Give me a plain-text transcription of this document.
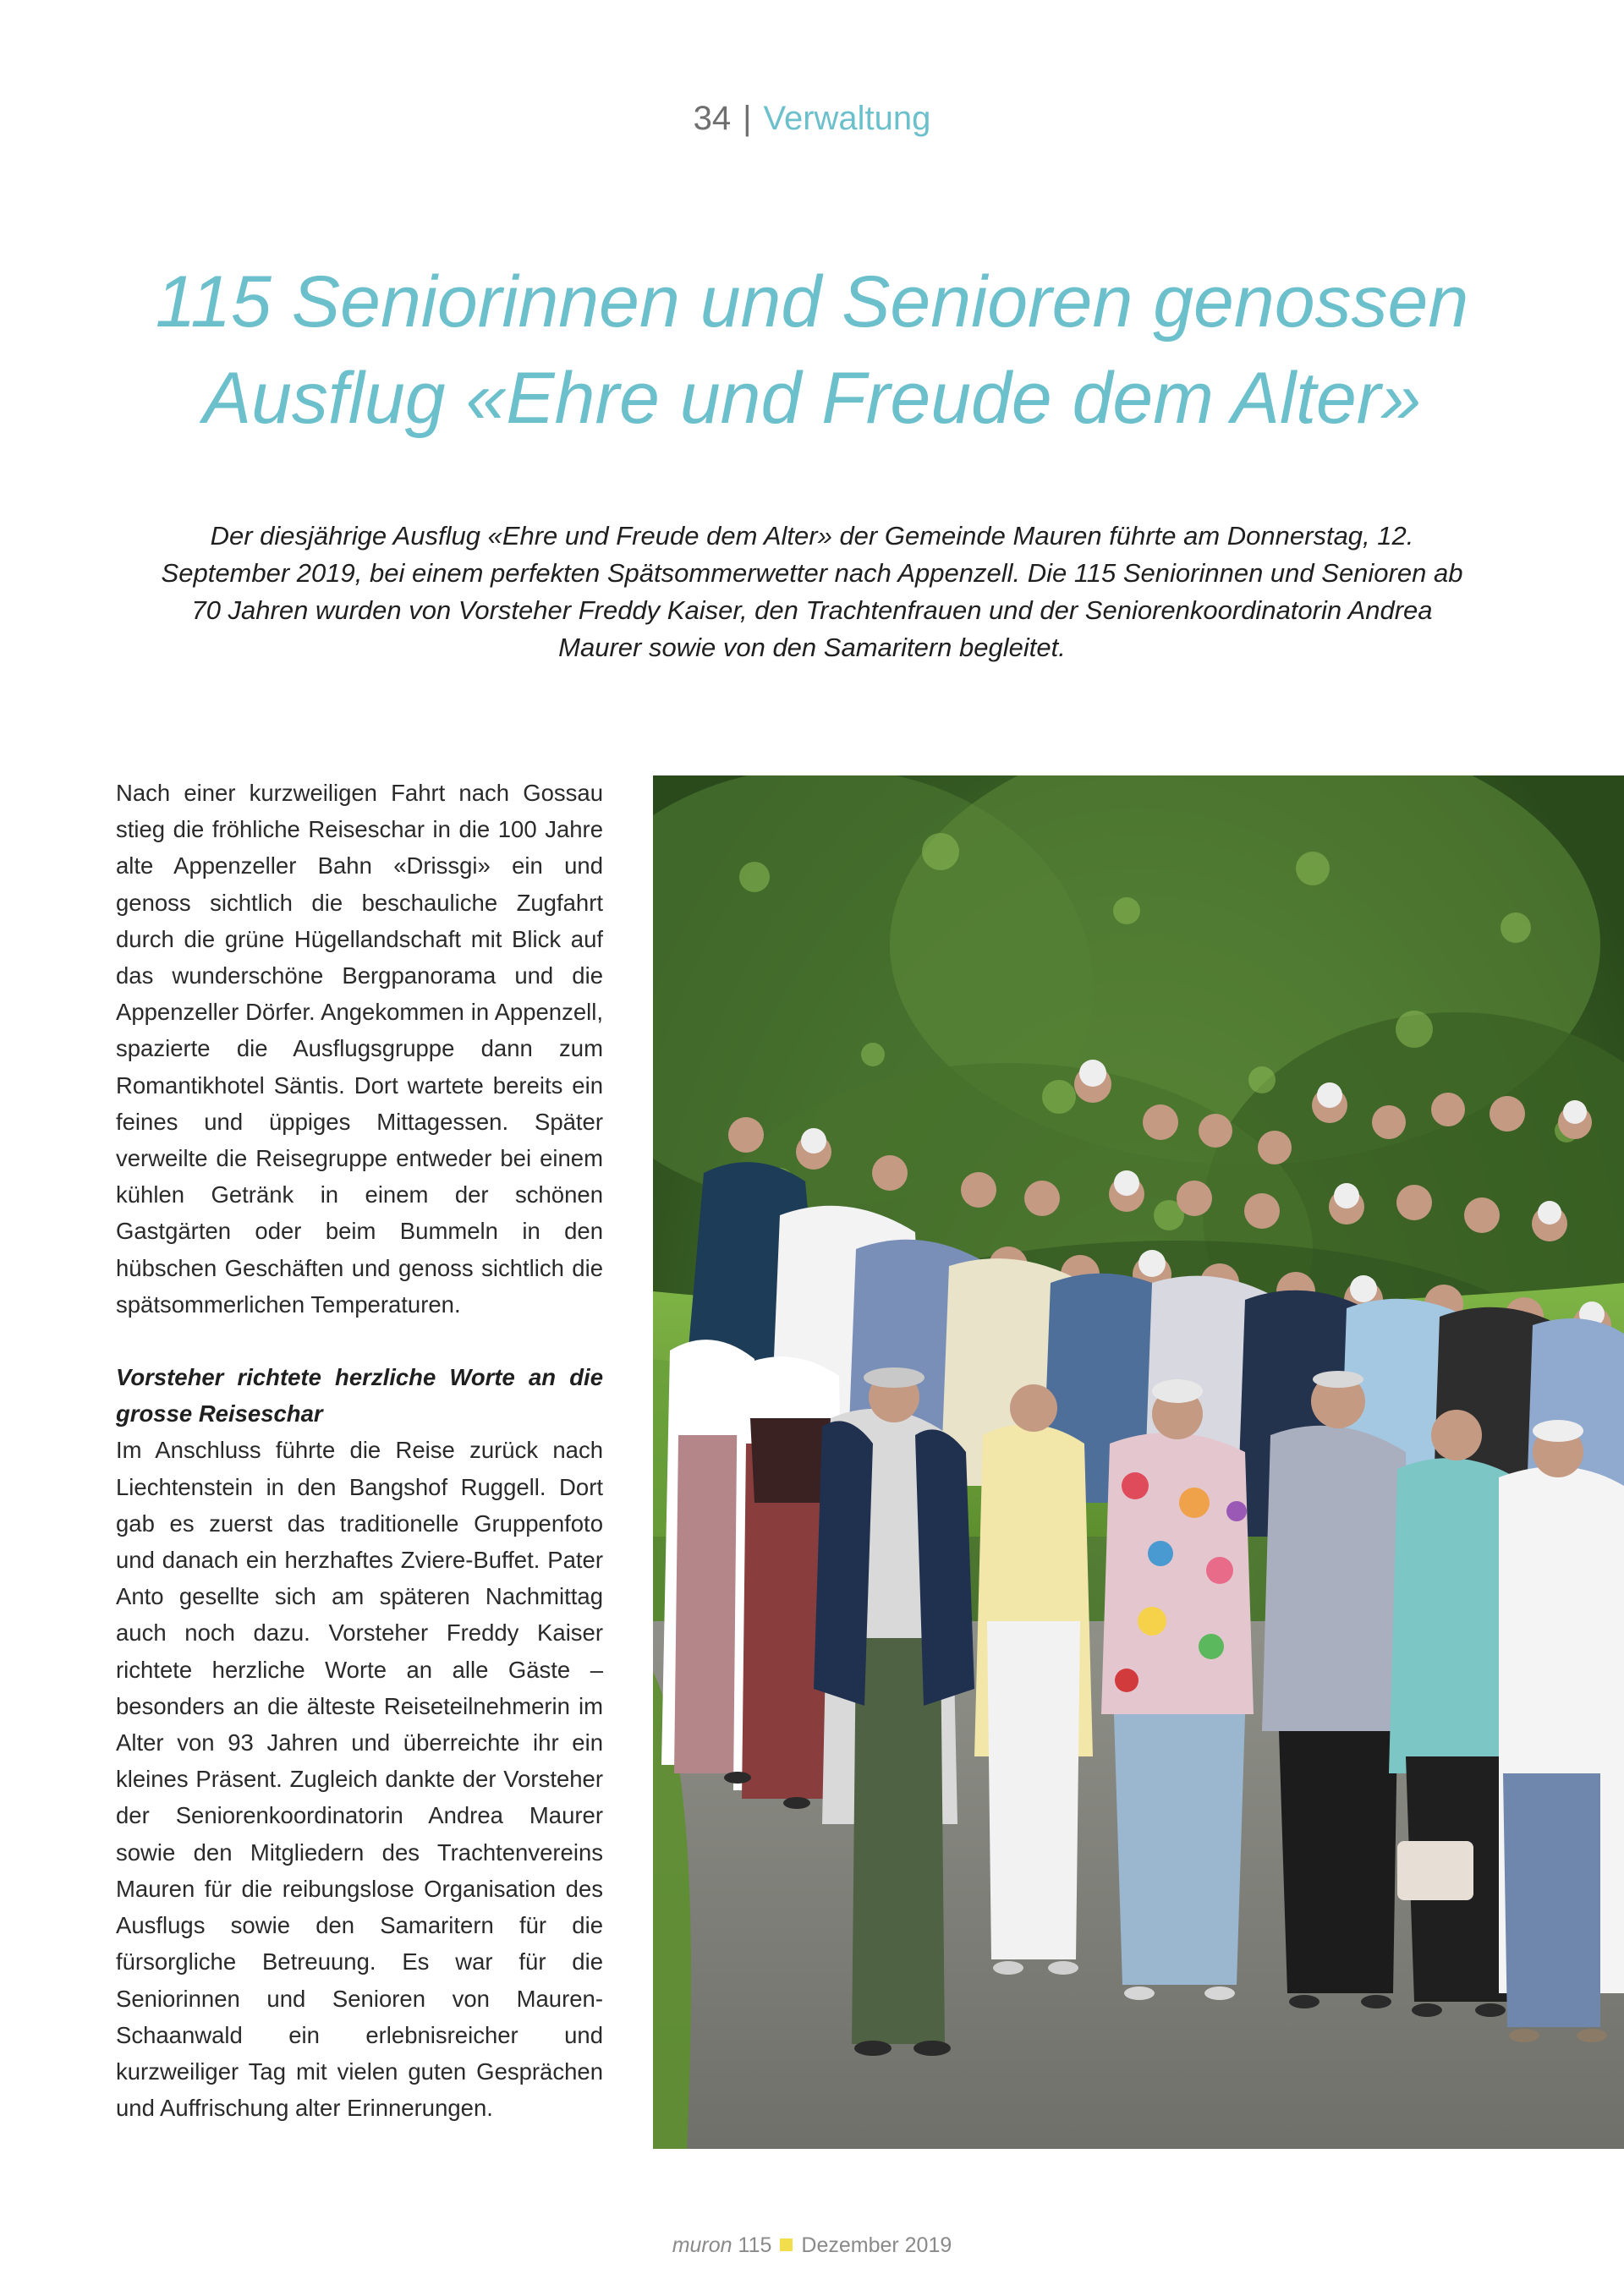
34 | Verwaltung
115 Seniorinnen und Senioren genossen
Ausflug «Ehre und Freude dem Alter»

Der diesjährige Ausflug «Ehre und Freude dem Alter» der Gemeinde Mauren führte am Donnerstag, 12. September 2019, bei einem perfekten Spätsommerwetter nach Appenzell. Die 115 Seniorinnen und Senioren ab 70 Jahren wurden von Vorsteher Freddy Kaiser, den Trachtenfrauen und der Seniorenkoordinatorin Andrea Maurer sowie von den Samaritern begleitet.

Nach einer kurzweiligen Fahrt nach Gossau stieg die fröhliche Reiseschar in die 100 Jahre alte Appenzeller Bahn «Drissgi» ein und genoss sichtlich die beschauliche Zugfahrt durch die grüne Hügellandschaft mit Blick auf das wunderschöne Bergpanorama und die Appenzeller Dörfer. Angekommen in Appenzell, spazierte die Ausflugsgruppe dann zum Romantikhotel Säntis. Dort wartete bereits ein feines und üppiges Mittagessen. Später verweilte die Reisegruppe entweder bei einem kühlen Getränk in einem der schönen Gastgärten oder beim Bummeln in den hübschen Geschäften und genoss sichtlich die spätsommerlichen Temperaturen.

Vorsteher richtete herzliche Worte an die grosse Reiseschar

Im Anschluss führte die Reise zurück nach Liechtenstein in den Bangshof Ruggell. Dort gab es zuerst das traditionelle Gruppenfoto und danach ein herzhaftes Zviere-Buffet. Pater Anto gesellte sich am späteren Nachmittag auch noch dazu. Vorsteher Freddy Kaiser richtete herzliche Worte an alle Gäste – besonders an die älteste Reiseteilnehmerin im Alter von 93 Jahren und überreichte ihr ein kleines Präsent. Zugleich dankte der Vorsteher der Seniorenkoordinatorin Andrea Maurer sowie den Mitgliedern des Trachtenvereins Mauren für die reibungslose Organisation des Ausflugs sowie den Samaritern für die fürsorgliche Betreuung. Es war für die Seniorinnen und Senioren von Mauren-Schaanwald ein erlebnisreicher und kurzweiliger Tag mit vielen guten Gesprächen und Auffrischung alter Erinnerungen.

muron 115 Dezember 2019
